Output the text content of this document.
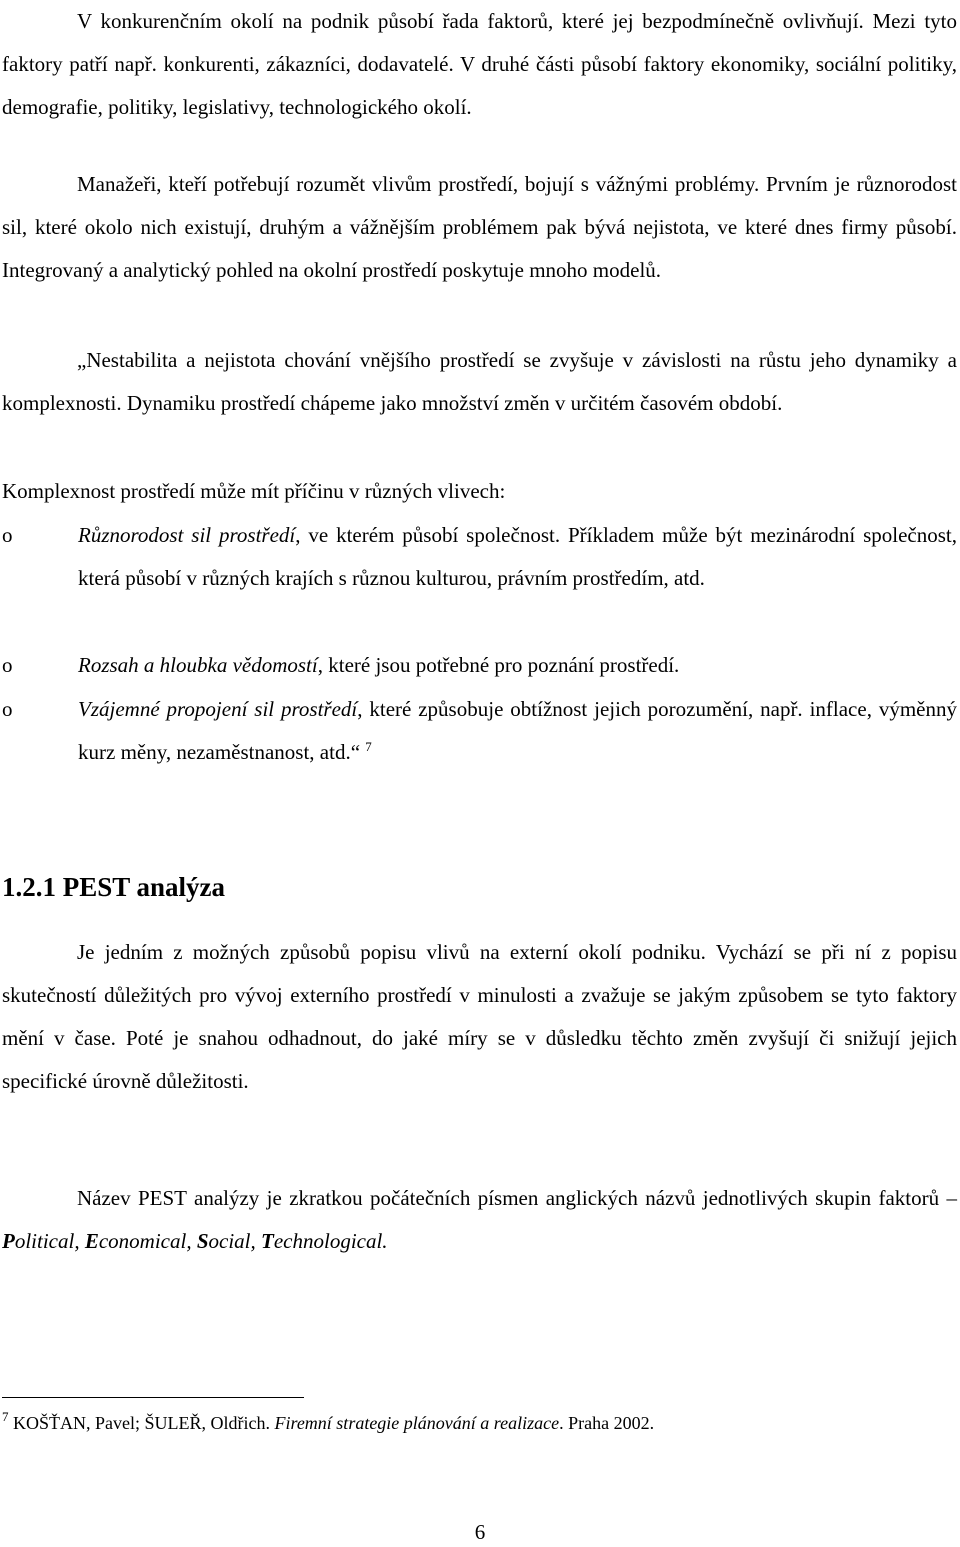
V konkurenčním okolí na podnik působí řada faktorů, které jej bezpodmínečně ovlivňují. Mezi tyto faktory patří např. konkurenti, zákazníci, dodavatelé. V druhé části působí faktory ekonomiky, sociální politiky, demografie, politiky, legislativy, technologického okolí.

Manažeři, kteří potřebují rozumět vlivům prostředí, bojují s vážnými problémy. Prvním je různorodost sil, které okolo nich existují, druhým a vážnějším problémem pak bývá nejistota, ve které dnes firmy působí. Integrovaný a analytický pohled na okolní prostředí poskytuje mnoho modelů.

„Nestabilita a nejistota chování vnějšího prostředí se zvyšuje v závislosti na růstu jeho dynamiky a komplexnosti. Dynamiku prostředí chápeme jako množství změn v určitém časovém období.

Komplexnost prostředí může mít příčinu v různých vlivech:

o	Různorodost sil prostředí, ve kterém působí společnost. Příkladem může být mezinárodní společnost, která působí v různých krajích s různou kulturou, právním prostředím, atd.

o	Rozsah a hloubka vědomostí, které jsou potřebné pro poznání prostředí.

o	Vzájemné propojení sil prostředí, které způsobuje obtížnost jejich porozumění, např. inflace, výměnný kurz měny, nezaměstnanost, atd.“ $^7$

1.2.1 PEST analýza

Je jedním z možných způsobů popisu vlivů na externí okolí podniku. Vychází se při ní z popisu skutečností důležitých pro vývoj externího prostředí v minulosti a zvažuje se jakým způsobem se tyto faktory mění v čase. Poté je snahou odhadnout, do jaké míry se v důsledku těchto změn zvyšují či snižují jejich specifické úrovně důležitosti.

Název PEST analýzy je zkratkou počátečních písmen anglických názvů jednotlivých skupin faktorů – Political, Economical, Social, Technological.

$^7$ KOŠŤAN, Pavel; ŠULEŘ, Oldřich. Firemní strategie plánování a realizace. Praha 2002.

6
